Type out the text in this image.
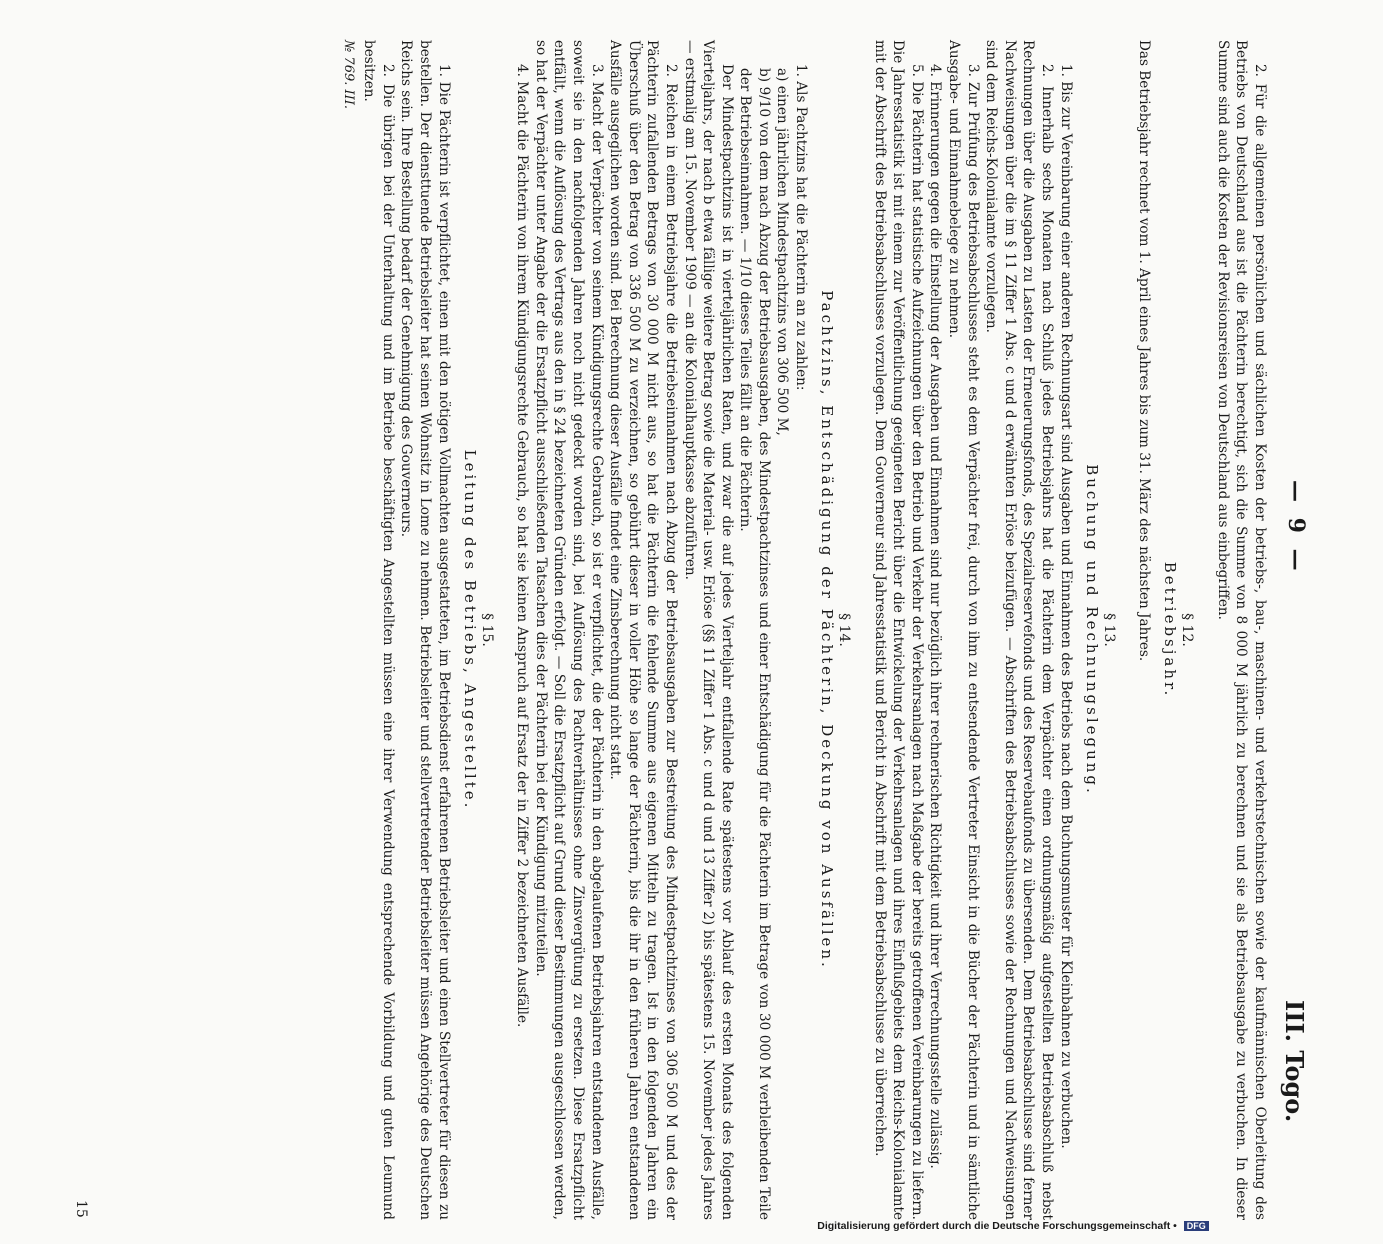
— 9 —
III. Togo.

2. Für die allgemeinen persönlichen und sächlichen Kosten der betriebs-, bau-, maschinen- und verkehrstechnischen sowie der kaufmännischen Oberleitung des Betriebs von Deutschland aus ist die Pächterin berechtigt, sich die Summe von 8 000 M jährlich zu berechnen und sie als Betriebsausgabe zu verbuchen. In dieser Summe sind auch die Kosten der Revisionsreisen von Deutschland aus einbegriffen.

§ 12.
Betriebsjahr.

Das Betriebsjahr rechnet vom 1. April eines Jahres bis zum 31. März des nächsten Jahres.

§ 13.
Buchung und Rechnungslegung.

1. Bis zur Vereinbarung einer anderen Rechnungsart sind Ausgaben und Einnahmen des Betriebs nach dem Buchungsmuster für Kleinbahnen zu verbuchen.

2. Innerhalb sechs Monaten nach Schluß jedes Betriebsjahrs hat die Pächterin dem Verpächter einen ordnungsmäßig aufgestellten Betriebsabschluß nebst Rechnungen über die Ausgaben zu Lasten der Erneuerungsfonds, des Spezialreservefonds und des Reservebaufonds zu übersenden. Dem Betriebsabschlusse sind ferner Nachweisungen über die im § 11 Ziffer 1 Abs. c und d erwähnten Erlöse beizufügen. — Abschriften des Betriebsabschlusses sowie der Rechnungen und Nachweisungen sind dem Reichs-Kolonialamte vorzulegen.

3. Zur Prüfung des Betriebsabschlusses steht es dem Verpächter frei, durch von ihm zu entsendende Vertreter Einsicht in die Bücher der Pächterin und in sämtliche Ausgabe- und Einnahmebelege zu nehmen.

4. Erinnerungen gegen die Einstellung der Ausgaben und Einnahmen sind nur bezüglich ihrer rechnerischen Richtigkeit und ihrer Verrechnungsstelle zulässig.

5. Die Pächterin hat statistische Aufzeichnungen über den Betrieb und Verkehr der Verkehrsanlagen nach Maßgabe der bereits getroffenen Vereinbarungen zu liefern. Die Jahresstatistik ist mit einem zur Veröffentlichung geeigneten Bericht über die Entwickelung der Verkehrsanlagen und ihres Einflußgebiets dem Reichs-Kolonialamte mit der Abschrift des Betriebsabschlusses vorzulegen. Dem Gouverneur sind Jahresstatistik und Bericht in Abschrift mit dem Betriebsabschlusse zu überreichen.

§ 14.
Pachtzins, Entschädigung der Pächterin, Deckung von Ausfällen.

1. Als Pachtzins hat die Pächterin an zu zahlen:

a) einen jährlichen Mindestpachtzins von 306 500 M,

b) 9/10 von dem nach Abzug der Betriebsausgaben, des Mindestpachtzinses und einer Entschädigung für die Pächterin im Betrage von 30 000 M verbleibenden Teile der Betriebseinnahmen. — 1/10 dieses Teiles fällt an die Pächterin.

Der Mindestpachtzins ist in vierteljährlichen Raten, und zwar die auf jedes Vierteljahr entfallende Rate spätestens vor Ablauf des ersten Monats des folgenden Vierteljahrs, der nach b etwa fällige weitere Betrag sowie die Material- usw. Erlöse (§§ 11 Ziffer 1 Abs. c und d und 13 Ziffer 2) bis spätestens 15. November jedes Jahres — erstmalig am 15. November 1909 — an die Kolonialhauptkasse abzuführen.

2. Reichen in einem Betriebsjahre die Betriebseinnahmen nach Abzug der Betriebsausgaben zur Bestreitung des Mindestpachtzinses von 306 500 M und des der Pächterin zufallenden Betrags von 30 000 M nicht aus, so hat die Pächterin die fehlende Summe aus eigenen Mitteln zu tragen. Ist in den folgenden Jahren ein Überschuß über den Betrag von 336 500 M zu verzeichnen, so gebührt dieser in voller Höhe so lange der Pächterin, bis die ihr in den früheren Jahren entstandenen Ausfälle ausgeglichen worden sind. Bei Berechnung dieser Ausfälle findet eine Zinsberechnung nicht statt.

3. Macht der Verpächter von seinem Kündigungsrechte Gebrauch, so ist er verpflichtet, die der Pächterin in den abgelaufenen Betriebsjahren entstandenen Ausfälle, soweit sie in den nachfolgenden Jahren noch nicht gedeckt worden sind, bei Auflösung des Pachtverhältnisses ohne Zinsvergütung zu ersetzen. Diese Ersatzpflicht entfällt, wenn die Auflösung des Vertrags aus den in § 24 bezeichneten Gründen erfolgt. — Soll die Ersatzpflicht auf Grund dieser Bestimmungen ausgeschlossen werden, so hat der Verpächter unter Angabe der die Ersatzpflicht ausschließenden Tatsachen dies der Pächterin bei der Kündigung mitzuteilen.

4. Macht die Pächterin von ihrem Kündigungsrechte Gebrauch, so hat sie keinen Anspruch auf Ersatz der in Ziffer 2 bezeichneten Ausfälle.

§ 15.
Leitung des Betriebs, Angestellte.

1. Die Pächterin ist verpflichtet, einen mit den nötigen Vollmachten ausgestatteten, im Betriebsdienst erfahrenen Betriebsleiter und einen Stellvertreter für diesen zu bestellen. Der diensttuende Betriebsleiter hat seinen Wohnsitz in Lome zu nehmen. Betriebsleiter und stellvertretender Betriebsleiter müssen Angehörige des Deutschen Reichs sein. Ihre Bestellung bedarf der Genehmigung des Gouverneurs.

2. Die übrigen bei der Unterhaltung und im Betriebe beschäftigten Angestellten müssen eine ihrer Verwendung entsprechende Vorbildung und guten Leumund besitzen.

№ 769. III.
15
Digitalisierung gefördert durch die Deutsche Forschungsgemeinschaft • DFG
